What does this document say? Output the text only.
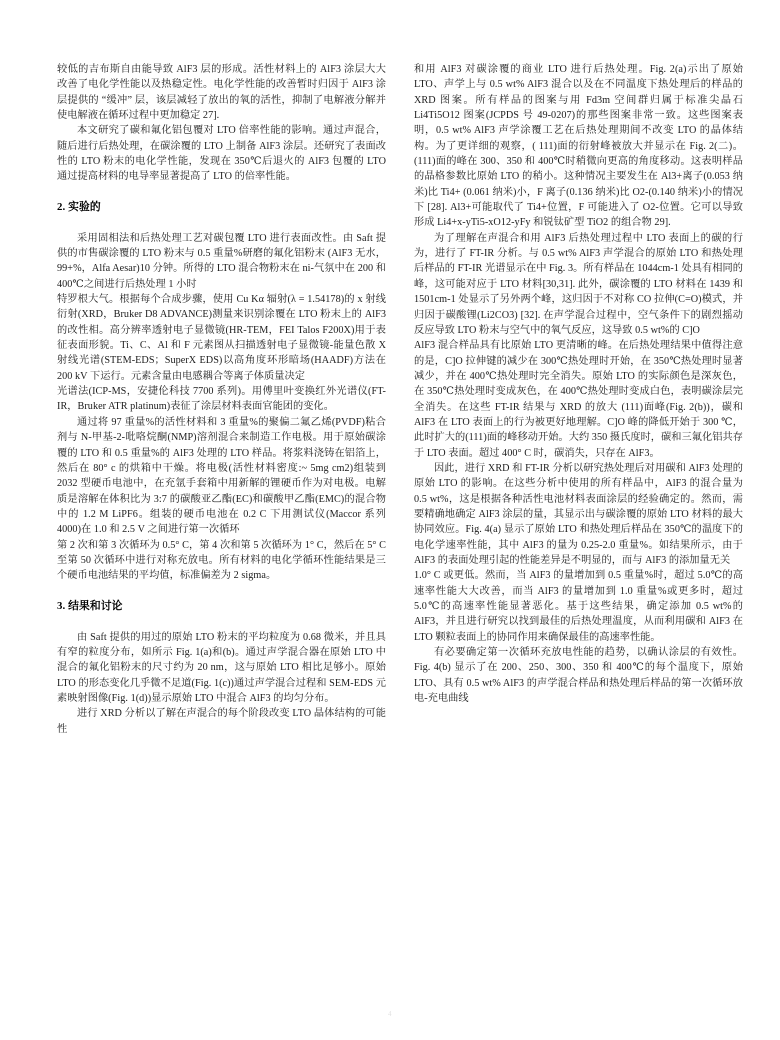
较低的吉布斯自由能导致 AlF3 层的形成。活性材料上的 AlF3 涂层大大改善了电化学性能以及热稳定性。电化学性能的改善暂时归因于 AlF3 涂层提供的 “缓冲” 层，该层减轻了放出的氧的活性，抑制了电解液分解并使电解液在循环过程中更加稳定 27].

本文研究了碳和氟化铝包覆对 LTO 倍率性能的影响。通过声混合，随后进行后热处理，在碳涂覆的 LTO 上制备 AlF3 涂层。还研究了表面改性的 LTO 粉末的电化学性能，发现在 350℃后退火的 AlF3 包覆的 LTO 通过提高材料的电导率显著提高了 LTO 的倍率性能。

2. 实验的

采用固相法和后热处理工艺对碳包覆 LTO 进行表面改性。由 Saft 提供的市售碳涂覆的 LTO 粉末与 0.5 重量%研磨的氟化铝粉末 (AlF3 无水，99+%，Alfa Aesar)10 分钟。所得的 LTO 混合物粉末在 ni-气氛中在 200 和 400℃之间进行后热处理 1 小时

特罗根大气。根据每个合成步骤，使用 Cu Kα 辐射(λ = 1.54178)的 x 射线衍射(XRD，Bruker D8 ADVANCE)测量来识别涂覆在 LTO 粉末上的 AlF3 的改性相。高分辨率透射电子显微镜(HR-TEM，FEI Talos F200X)用于表征表面形貌。Ti、C、Al 和 F 元素图从扫描透射电子显微镜-能量色散 X 射线光谱(STEM-EDS；SuperX EDS)以高角度环形暗场(HAADF)方法在 200 kV 下运行。元素含量由电感耦合等离子体质量决定

光谱法(ICP-MS，安捷伦科技 7700 系列)。用傅里叶变换红外光谱仪(FT-IR，Bruker ATR platinum)表征了涂层材料表面官能团的变化。

通过将 97 重量%的活性材料和 3 重量%的聚偏二氟乙烯(PVDF)粘合剂与 N-甲基-2-吡咯烷酮(NMP)溶剂混合来制造工作电极。用于原始碳涂覆的 LTO 和 0.5 重量%的 AlF3 处理的 LTO 样品。将浆料浇铸在铝箔上，然后在 80° c 的烘箱中干燥。将电极(活性材料密度:~ 5mg cm2)组装到 2032 型硬币电池中，在充氩手套箱中用新解的锂硬币作为对电极。电解质是溶解在体积比为 3:7 的碳酸亚乙酯(EC)和碳酸甲乙酯(EMC)的混合物中的 1.2 M LiPF6。组装的硬币电池在 0.2 C 下用测试仪(Maccor 系列 4000)在 1.0 和 2.5 V 之间进行第一次循环

第 2 次和第 3 次循环为 0.5° C，第 4 次和第 5 次循环为 1° C，然后在 5° C 至第 50 次循环中进行对称充放电。所有材料的电化学循环性能结果是三个硬币电池结果的平均值，标准偏差为 2 sigma。

3. 结果和讨论

由 Saft 提供的用过的原始 LTO 粉末的平均粒度为 0.68 微米，并且具有窄的粒度分布，如所示 Fig. 1(a)和(b)。通过声学混合器在原始 LTO 中混合的氟化铝粉末的尺寸约为 20 nm，这与原始 LTO 相比足够小。原始 LTO 的形态变化几乎微不足道(Fig. 1(c))通过声学混合过程和 SEM-EDS 元素映射图像(Fig. 1(d))显示原始 LTO 中混合 AlF3 的均匀分布。

进行 XRD 分析以了解在声混合的每个阶段改变 LTO 晶体结构的可能性

和用 AlF3 对碳涂覆的商业 LTO 进行后热处理。Fig. 2(a)示出了原始 LTO、声学上与 0.5 wt% AlF3 混合以及在不同温度下热处理后的样品的 XRD 图案。所有样品的图案与用 Fd3m 空间群归属于标准尖晶石 Li4Ti5O12 图案(JCPDS 号 49-0207)的那些图案非常一致。这些图案表明，0.5 wt% AlF3 声学涂覆工艺在后热处理期间不改变 LTO 的晶体结构。为了更详细的观察，( 111)面的衍射峰被放大并显示在 Fig. 2(二)。(111)面的峰在 300、350 和 400℃时稍微向更高的角度移动。这表明样品的晶格参数比原始 LTO 的稍小。这种情况主要发生在 Al3+离子(0.053 纳米)比 Ti4+ (0.061 纳米)小，F 离子(0.136 纳米)比 O2-(0.140 纳米)小的情况下 [28]. Al3+可能取代了 Ti4+位置，F 可能进入了 O2-位置。它可以导致形成 Li4+x-yTi5-xO12-yFy 和锐钛矿型 TiO2 的组合物 29].

为了理解在声混合和用 AlF3 后热处理过程中 LTO 表面上的碳的行为，进行了 FT-IR 分析。与 0.5 wt% AlF3 声学混合的原始 LTO 和热处理后样品的 FT-IR 光谱显示在中 Fig. 3。所有样品在 1044cm-1 处具有相同的峰，这可能对应于 LTO 材料[30,31]. 此外，碳涂覆的 LTO 材料在 1439 和 1501cm-1 处显示了另外两个峰，这归因于不对称 CO 拉伸(C=O)模式，并归因于碳酸锂(Li2CO3) [32]. 在声学混合过程中，空气条件下的剧烈摇动反应导致 LTO 粉末与空气中的氧气反应，这导致 0.5 wt%的 C]O

AlF3 混合样品具有比原始 LTO 更清晰的峰。在后热处理结果中值得注意的是，C]O 拉伸键的减少在 300℃热处理时开始，在 350℃热处理时显著减少，并在 400℃热处理时完全消失。原始 LTO 的实际颜色是深灰色，在 350℃热处理时变成灰色，在 400℃热处理时变成白色，表明碳涂层完全消失。在这些 FT-IR 结果与 XRD 的放大 (111)面峰(Fig. 2(b))，碳和 AlF3 在 LTO 表面上的行为被更好地理解。C]O 峰的降低开始于 300 ℃，此时扩大的(111)面的峰移动开始。大约 350 摄氏度时，碳和三氟化铝共存于 LTO 表面。超过 400° C 时，碳消失，只存在 AlF3。

因此，进行 XRD 和 FT-IR 分析以研究热处理后对用碳和 AlF3 处理的原始 LTO 的影响。在这些分析中使用的所有样品中，AlF3 的混合量为 0.5 wt%，这是根据各种活性电池材料表面涂层的经验确定的。然而，需要精确地确定 AlF3 涂层的量，其显示出与碳涂覆的原始 LTO 材料的最大协同效应。Fig. 4(a) 显示了原始 LTO 和热处理后样品在 350℃的温度下的电化学速率性能，其中 AlF3 的量为 0.25-2.0 重量%。如结果所示，由于 AlF3 的表面处理引起的性能差异是不明显的，而与 AlF3 的添加量无关

1.0° C 或更低。然而，当 AlF3 的量增加到 0.5 重量%时，超过 5.0℃的高速率性能大大改善，而当 AlF3 的量增加到 1.0 重量%或更多时，超过 5.0℃的高速率性能显著恶化。基于这些结果，确定添加 0.5 wt%的 AlF3，并且进行研究以找到最佳的后热处理温度，从而利用碳和 AlF3 在 LTO 颗粒表面上的协同作用来确保最佳的高速率性能。

有必要确定第一次循环充放电性能的趋势，以确认涂层的有效性。Fig. 4(b) 显示了在 200、250、300、350 和 400℃的每个温度下，原始 LTO、具有 0.5 wt% AlF3 的声学混合样品和热处理后样品的第一次循环放电-充电曲线

4
